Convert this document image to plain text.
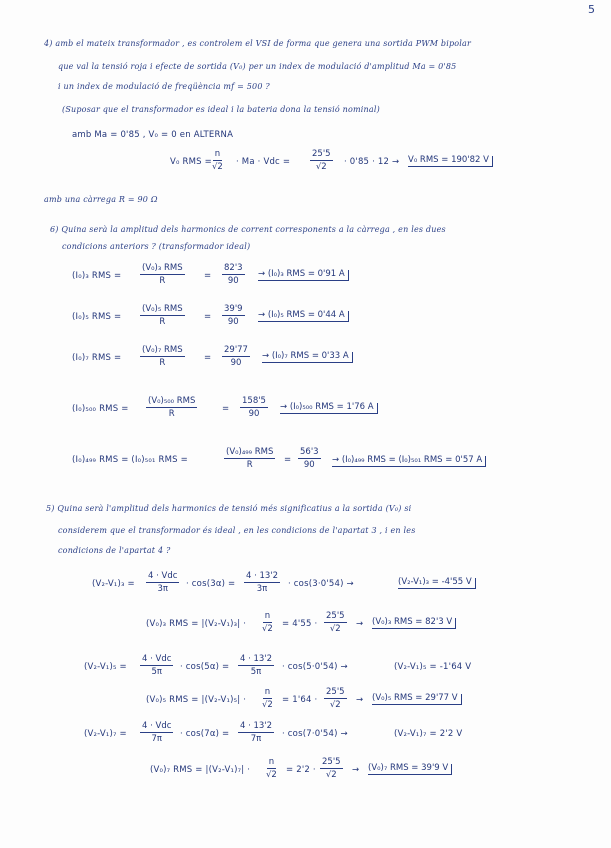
5
4) amb el mateix transformador , es controlem el VSI de forma que genera una sortida PWM bipolar
que val la tensió roja i efecte de sortida (V₀) per un index de modulació d'amplitud Ma = 0'85
i un index de modulació de freqüència mf = 500 ?
(Suposar que el transformador es ideal i la bateria dona la tensió nominal)
amb Ma = 0'85 , V₀ = 0 en ALTERNA
V₀ RMS = $\frac{n}{√2} \cdot Ma$ · Vdc = $\frac{25'5}{√2} \cdot 0'85 \cdot 12 \to V_0$ RMS = 190'82 V
amb una càrrega R = 90 Ω
6) Quina serà la amplitud dels harmonics de corrent corresponents a la càrrega , en les dues
condicions anteriors ? (transformador ideal)
(I₀)₃ RMS =
(V₀)₃ RMS
R	= $\frac{82'3}{90} \to (I_0)_3$ RMS = 0'91 A
(I₀)₅ RMS =
(V₀)₅ RMS
R	= $\frac{39'9}{90} \to (I_0)_5$ RMS = 0'44 A
(I₀)₇ RMS =
(V₀)₇ RMS
R	= $\frac{29'77}{90} \to (I_0)_7$ RMS = 0'33 A
(I₀)₅₀₀ RMS =
(V₀)₅₀₀ RMS
R	= $\frac{158'5}{90} \to (I_0)_{500}$ RMS = 1'76 A
(I₀)₄₉₉ RMS = (I₀)₅₀₁ RMS =
(V₀)₄₉₉ RMS
R	= $\frac{56'3}{90} \to (I_0)_{499}$ RMS = (I₀)₅₀₁ RMS = 0'57 A
5) Quina serà l'amplitud dels harmonics de tensió més significatius a la sortida (V₀) si
considerem que el transformador és ideal , en les condicions de l'apartat 3 , i en les
condicions de l'apartat 4 ?
(V₂-V₁)₃ =
4 · Vdc
$3\pi \cdot \cos(3\alpha) = \frac{4 \cdot 13'2}{3\pi} \cdot \cos(3\cdot 0'54)$ →	(V₂-V₁)₃ = -4'55 V
(V₀)₃ RMS = $|(V_2-V_1)_3| \cdot \frac{n}{√2} = 4'55 \cdot \frac{25'5}{√2} \to (V_0)_3$ RMS = 82'3 V
(V₂-V₁)₅ =
4 · Vdc
$5\pi \cdot \cos(5\alpha) = \frac{4 \cdot 13'2}{5\pi} \cdot \cos(5\cdot 0'54)$ →	(V₂-V₁)₅ = -1'64 V
(V₀)₅ RMS = $|(V_2-V_1)_5| \cdot \frac{n}{√2} = 1'64 \cdot \frac{25'5}{√2} \to (V_0)_5$ RMS = 29'77 V
(V₂-V₁)₇ =
4 · Vdc
$7\pi \cdot \cos(7\alpha) = \frac{4 \cdot 13'2}{7\pi} \cdot \cos(7\cdot 0'54)$ →	(V₂-V₁)₇ = 2'2 V
(V₀)₇ RMS = $|(V_2-V_1)_7| \cdot \frac{n}{√2} = 2'2 \cdot \frac{25'5}{√2} \to (V_0)_7$ RMS = 39'9 V
